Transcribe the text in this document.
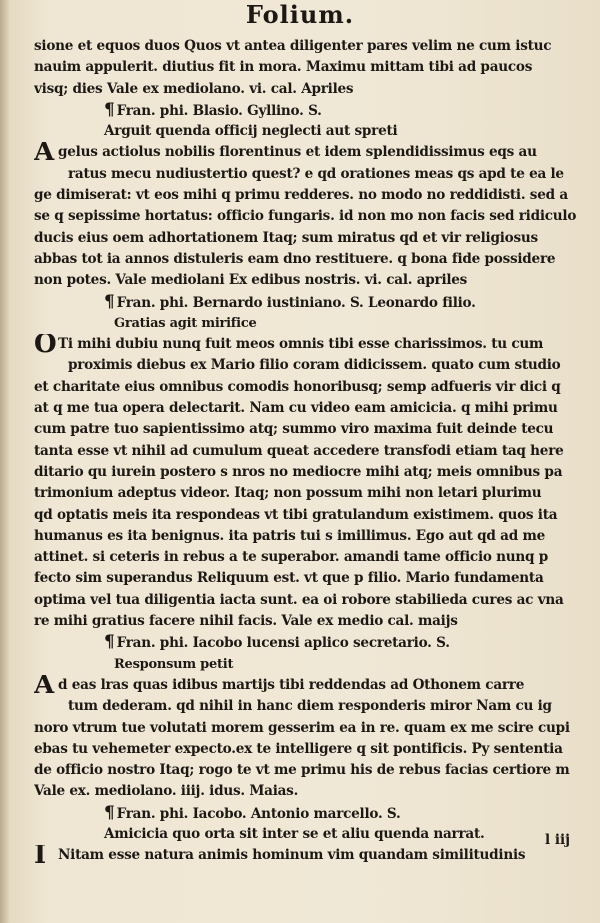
Folium.
sione et equos duos Quos vt antea diligenter pares velim ne cum istuc
nauim appulerit. diutius fit in mora. Maximu mittam tibi ad paucos
visq; dies Vale ex mediolano. vi. cal. Apriles
¶ Fran. phi. Blasio. Gyllino. S.
Arguit quenda officij neglecti aut spreti
Agelus actiolus nobilis florentinus et idem splendidissimus eqs au
ratus mecu nudiustertio quest? e qd orationes meas qs apd te ea le
ge dimiserat: vt eos mihi q primu redderes. no modo no reddidisti. sed a
se q sepissime hortatus: officio fungaris. id non mo non facis sed ridiculo
ducis eius oem adhortationem Itaq; sum miratus qd et vir religiosus
abbas tot ia annos distuleris eam dno restituere. q bona fide possidere
non potes. Vale mediolani Ex edibus nostris. vi. cal. apriles
¶ Fran. phi. Bernardo iustiniano. S. Leonardo filio.
Gratias agit mirifice
O Ti mihi dubiu nunq fuit meos omnis tibi esse charissimos. tu cum
proximis diebus ex Mario filio coram didicissem. quato cum studio
et charitate eius omnibus comodis honoribusq; semp adfueris vir dici q
at q me tua opera delectarit. Nam cu video eam amicicia. q mihi primu
cum patre tuo sapientissimo atq; summo viro maxima fuit deinde tecu
tanta esse vt nihil ad cumulum queat accedere transfodi etiam taq here
ditario qu iurein postero s nros no mediocre mihi atq; meis omnibus pa
trimonium adeptus videor. Itaq; non possum mihi non letari plurimu
qd optatis meis ita respondeas vt tibi gratulandum existimem. quos ita
humanus es ita benignus. ita patris tui s imillimus. Ego aut qd ad me
attinet. si ceteris in rebus a te superabor. amandi tame officio nunq p
fecto sim superandus Reliquum est. vt que p filio. Mario fundamenta
optima vel tua diligentia iacta sunt. ea oi robore stabilieda cures ac vna
re mihi gratius facere nihil facis. Vale ex medio cal. maijs
¶ Fran. phi. Iacobo lucensi aplico secretario. S.
Responsum petit
Ad eas lras quas idibus martijs tibi reddendas ad Othonem carre
tum dederam. qd nihil in hanc diem responderis miror Nam cu ig
noro vtrum tue volutati morem gesserim ea in re. quam ex me scire cupi
ebas tu vehemeter expecto.ex te intelligere q sit pontificis. Py sententia
de officio nostro Itaq; rogo te vt me primu his de rebus facias certiore m
Vale ex. mediolano. iiij. idus. Maias.
¶ Fran. phi. Iacobo. Antonio marcello. S.
Amicicia quo orta sit inter se et aliu quenda narrat.
I Nitam esse natura animis hominum vim quandam similitudinis
l iij
